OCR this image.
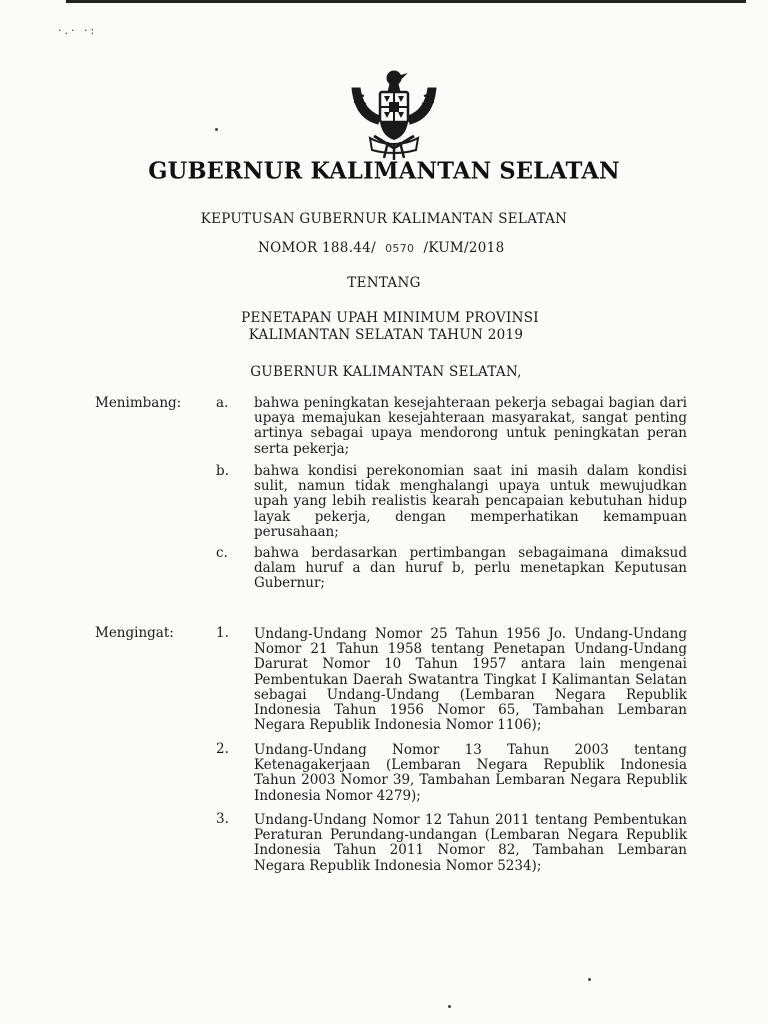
·.· ·:
GUBERNUR KALIMANTAN SELATAN
KEPUTUSAN GUBERNUR KALIMANTAN SELATAN
NOMOR 188.44/ 0570 /KUM/2018
TENTANG
PENETAPAN UPAH MINIMUM PROVINSI
KALIMANTAN SELATAN TAHUN 2019
GUBERNUR KALIMANTAN SELATAN,
Menimbang:	a. bahwa peningkatan kesejahteraan pekerja sebagai bagian dari upaya memajukan kesejahteraan masyarakat, sangat penting artinya sebagai upaya mendorong untuk peningkatan peran serta pekerja;
b. bahwa kondisi perekonomian saat ini masih dalam kondisi sulit, namun tidak menghalangi upaya untuk mewujudkan upah yang lebih realistis kearah pencapaian kebutuhan hidup layak pekerja, dengan memperhatikan kemampuan perusahaan;
c. bahwa berdasarkan pertimbangan sebagaimana dimaksud dalam huruf a dan huruf b, perlu menetapkan Keputusan Gubernur;
Mengingat:	1. Undang-Undang Nomor 25 Tahun 1956 Jo. Undang-Undang Nomor 21 Tahun 1958 tentang Penetapan Undang-Undang Darurat Nomor 10 Tahun 1957 antara lain mengenai Pembentukan Daerah Swatantra Tingkat I Kalimantan Selatan sebagai Undang-Undang (Lembaran Negara Republik Indonesia Tahun 1956 Nomor 65, Tambahan Lembaran Negara Republik Indonesia Nomor 1106);
2. Undang-Undang Nomor 13 Tahun 2003 tentang Ketenagakerjaan (Lembaran Negara Republik Indonesia Tahun 2003 Nomor 39, Tambahan Lembaran Negara Republik Indonesia Nomor 4279);
3. Undang-Undang Nomor 12 Tahun 2011 tentang Pembentukan Peraturan Perundang-undangan (Lembaran Negara Republik Indonesia Tahun 2011 Nomor 82, Tambahan Lembaran Negara Republik Indonesia Nomor 5234);
